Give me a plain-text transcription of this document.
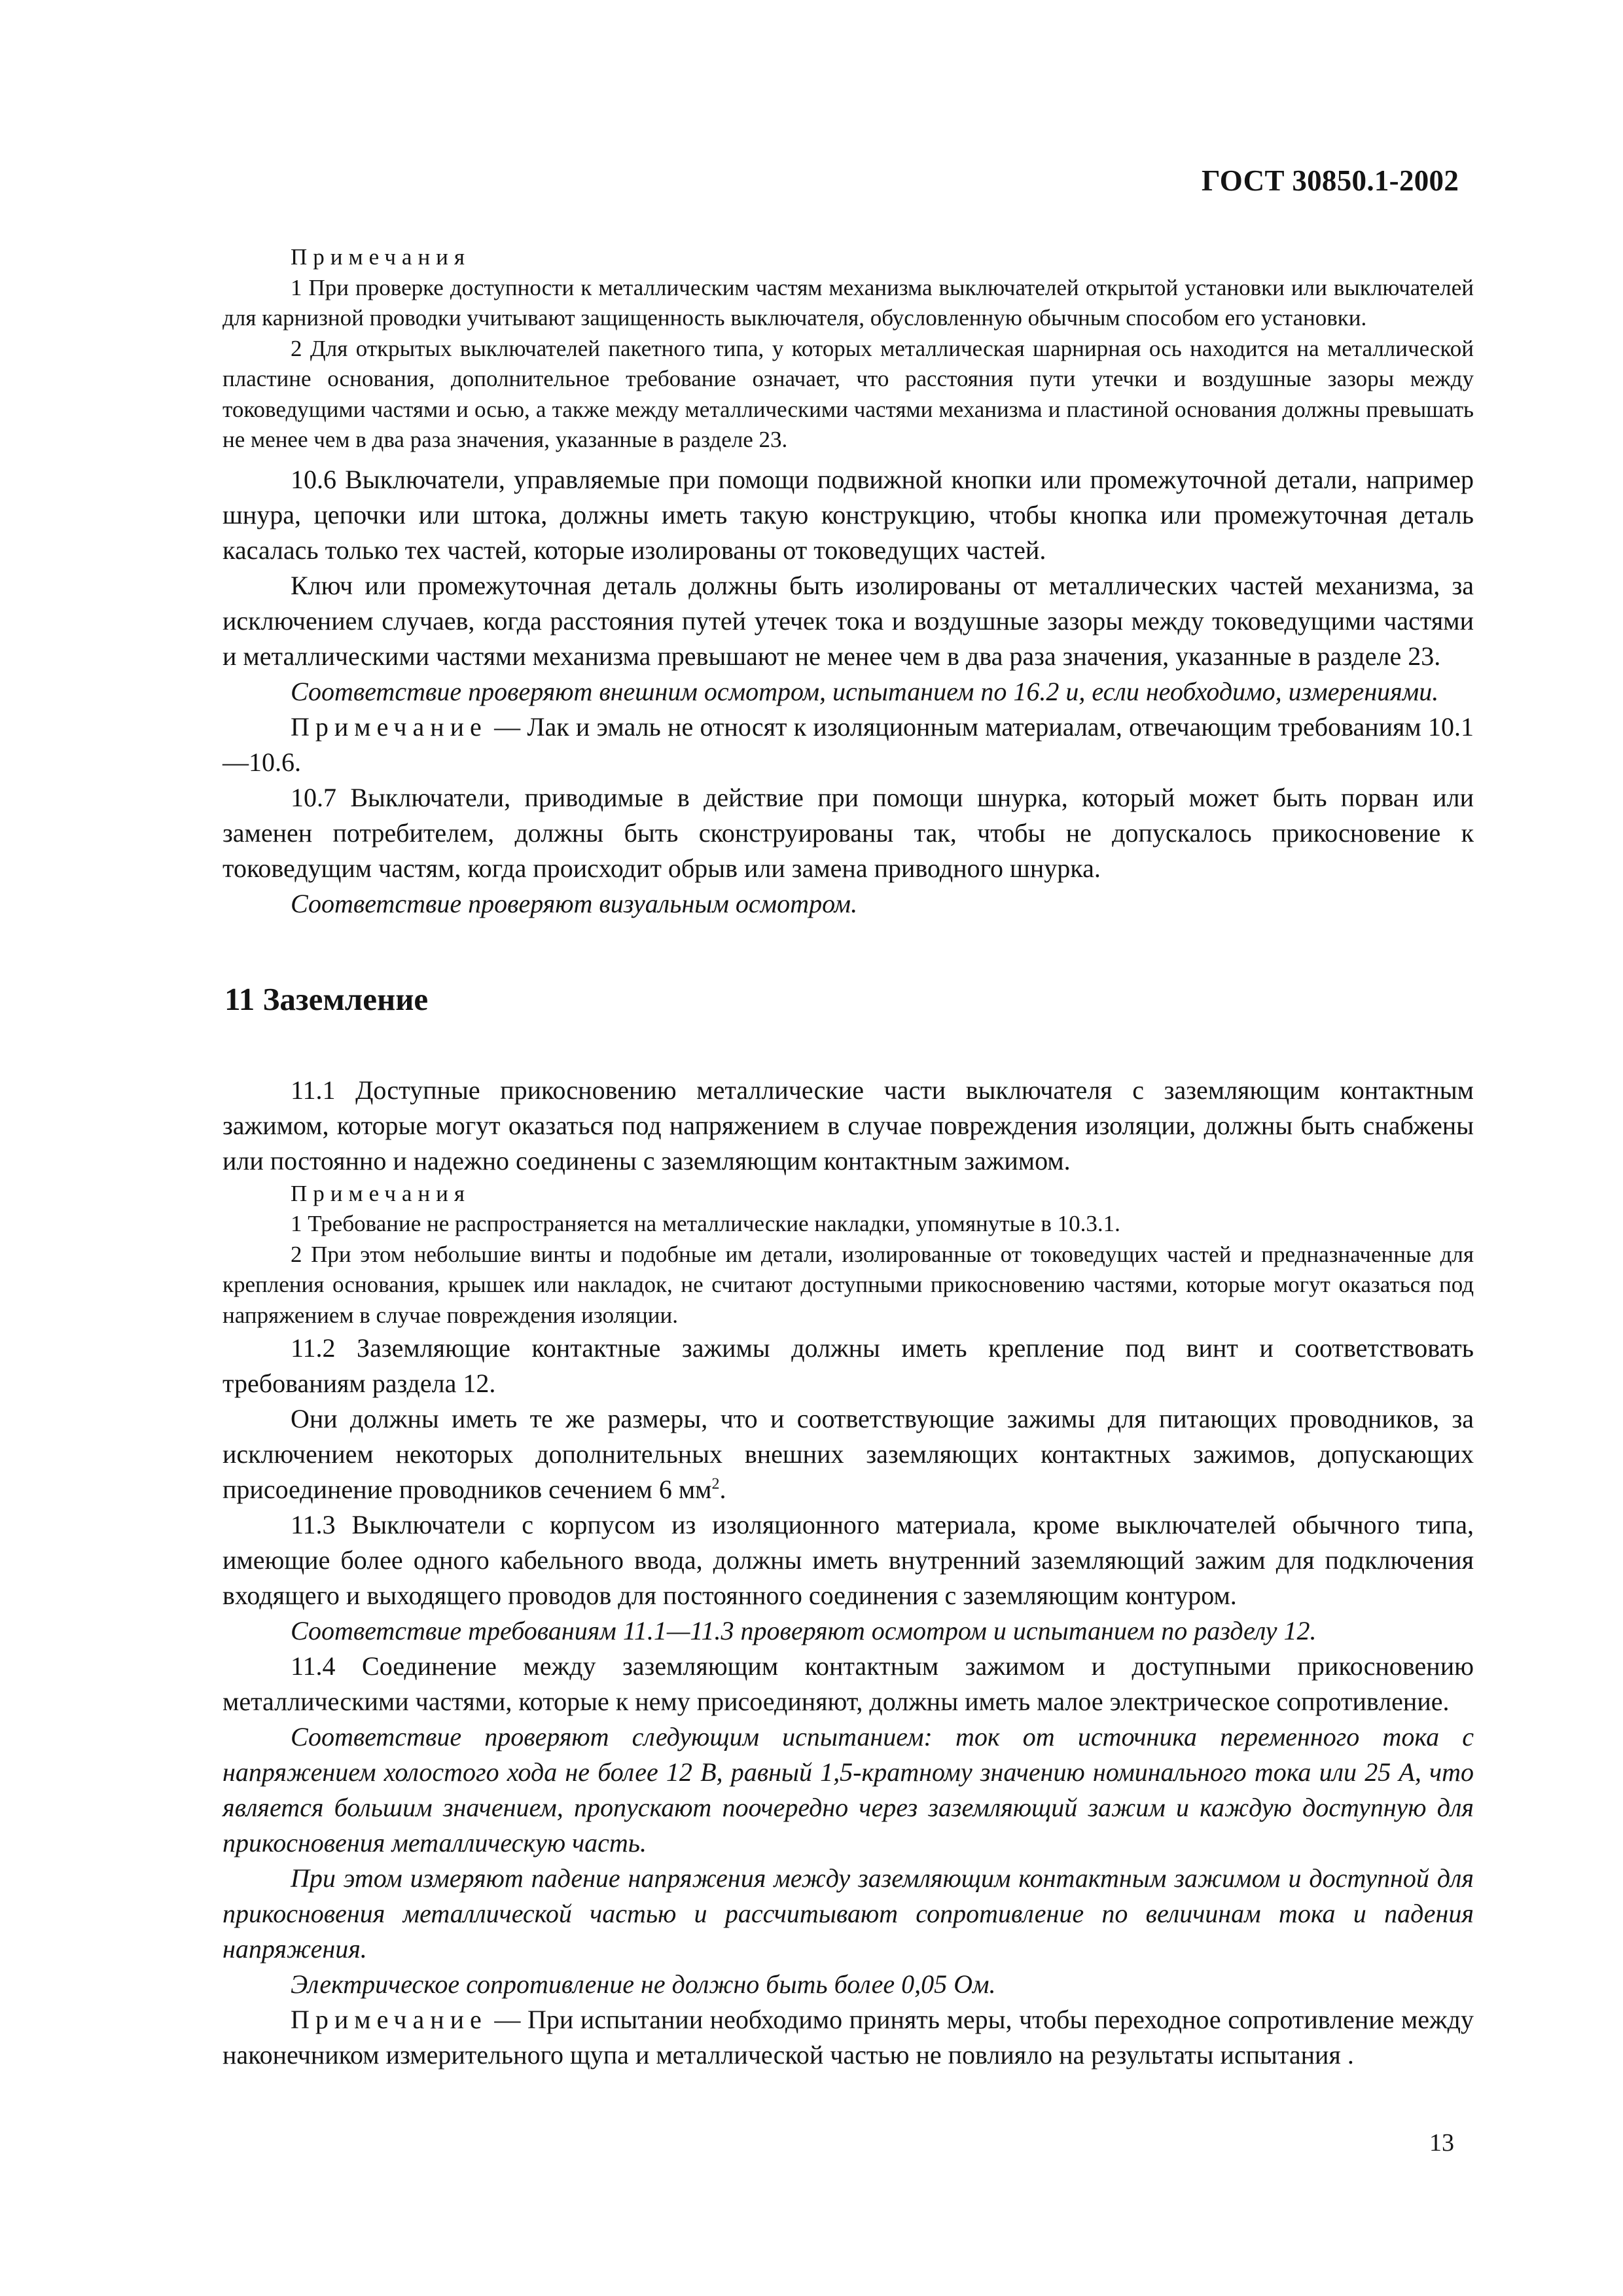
ГОСТ 30850.1-2002
Примечания

1 При проверке доступности к металлическим частям механизма выключателей открытой установки или выключателей для карнизной проводки учитывают защищенность выключателя, обусловленную обычным способом его установки.

2 Для открытых выключателей пакетного типа, у которых металлическая шарнирная ось находится на металлической пластине основания, дополнительное требование означает, что расстояния пути утечки и воздушные зазоры между токоведущими частями и осью, а также между металлическими частями механизма и пластиной основания должны превышать не менее чем в два раза значения, указанные в разделе 23.

10.6 Выключатели, управляемые при помощи подвижной кнопки или промежуточной детали, например шнура, цепочки или штока, должны иметь такую конструкцию, чтобы кнопка или промежуточная деталь касалась только тех частей, которые изолированы от токоведущих частей.

Ключ или промежуточная деталь должны быть изолированы от металлических частей механизма, за исключением случаев, когда расстояния путей утечек тока и воздушные зазоры между токоведущими частями и металлическими частями механизма превышают не менее чем в два раза значения, указанные в разделе 23.

Соответствие проверяют внешним осмотром, испытанием по 16.2 и, если необходимо, измерениями.

Примечание — Лак и эмаль не относят к изоляционным материалам, отвечающим требованиям 10.1—10.6.

10.7 Выключатели, приводимые в действие при помощи шнурка, который может быть порван или заменен потребителем, должны быть сконструированы так, чтобы не допускалось прикосновение к токоведущим частям, когда происходит обрыв или замена приводного шнурка.

Соответствие проверяют визуальным осмотром.

11 Заземление

11.1 Доступные прикосновению металлические части выключателя с заземляющим контактным зажимом, которые могут оказаться под напряжением в случае повреждения изоляции, должны быть снабжены или постоянно и надежно соединены с заземляющим контактным зажимом.

Примечания

1 Требование не распространяется на металлические накладки, упомянутые в 10.3.1.

2 При этом небольшие винты и подобные им детали, изолированные от токоведущих частей и предназначенные для крепления основания, крышек или накладок, не считают доступными прикосновению частями, которые могут оказаться под напряжением в случае повреждения изоляции.

11.2 Заземляющие контактные зажимы должны иметь крепление под винт и соответствовать требованиям раздела 12.

Они должны иметь те же размеры, что и соответствующие зажимы для питающих проводников, за исключением некоторых дополнительных внешних заземляющих контактных зажимов, допускающих присоединение проводников сечением 6 $мм^2$.

11.3 Выключатели с корпусом из изоляционного материала, кроме выключателей обычного типа, имеющие более одного кабельного ввода, должны иметь внутренний заземляющий зажим для подключения входящего и выходящего проводов для постоянного соединения с заземляющим контуром.

Соответствие требованиям 11.1—11.3 проверяют осмотром и испытанием по разделу 12.

11.4 Соединение между заземляющим контактным зажимом и доступными прикосновению металлическими частями, которые к нему присоединяют, должны иметь малое электрическое сопротивление.

Соответствие проверяют следующим испытанием: ток от источника переменного тока с напряжением холостого хода не более 12 В, равный 1,5-кратному значению номинального тока или 25 А, что является большим значением, пропускают поочередно через заземляющий зажим и каждую доступную для прикосновения металлическую часть.

При этом измеряют падение напряжения между заземляющим контактным зажимом и доступной для прикосновения металлической частью и рассчитывают сопротивление по величинам тока и падения напряжения.

Электрическое сопротивление не должно быть более 0,05 Ом.

Примечание — При испытании необходимо принять меры, чтобы переходное сопротивление между наконечником измерительного щупа и металлической частью не повлияло на результаты испытания .

13
